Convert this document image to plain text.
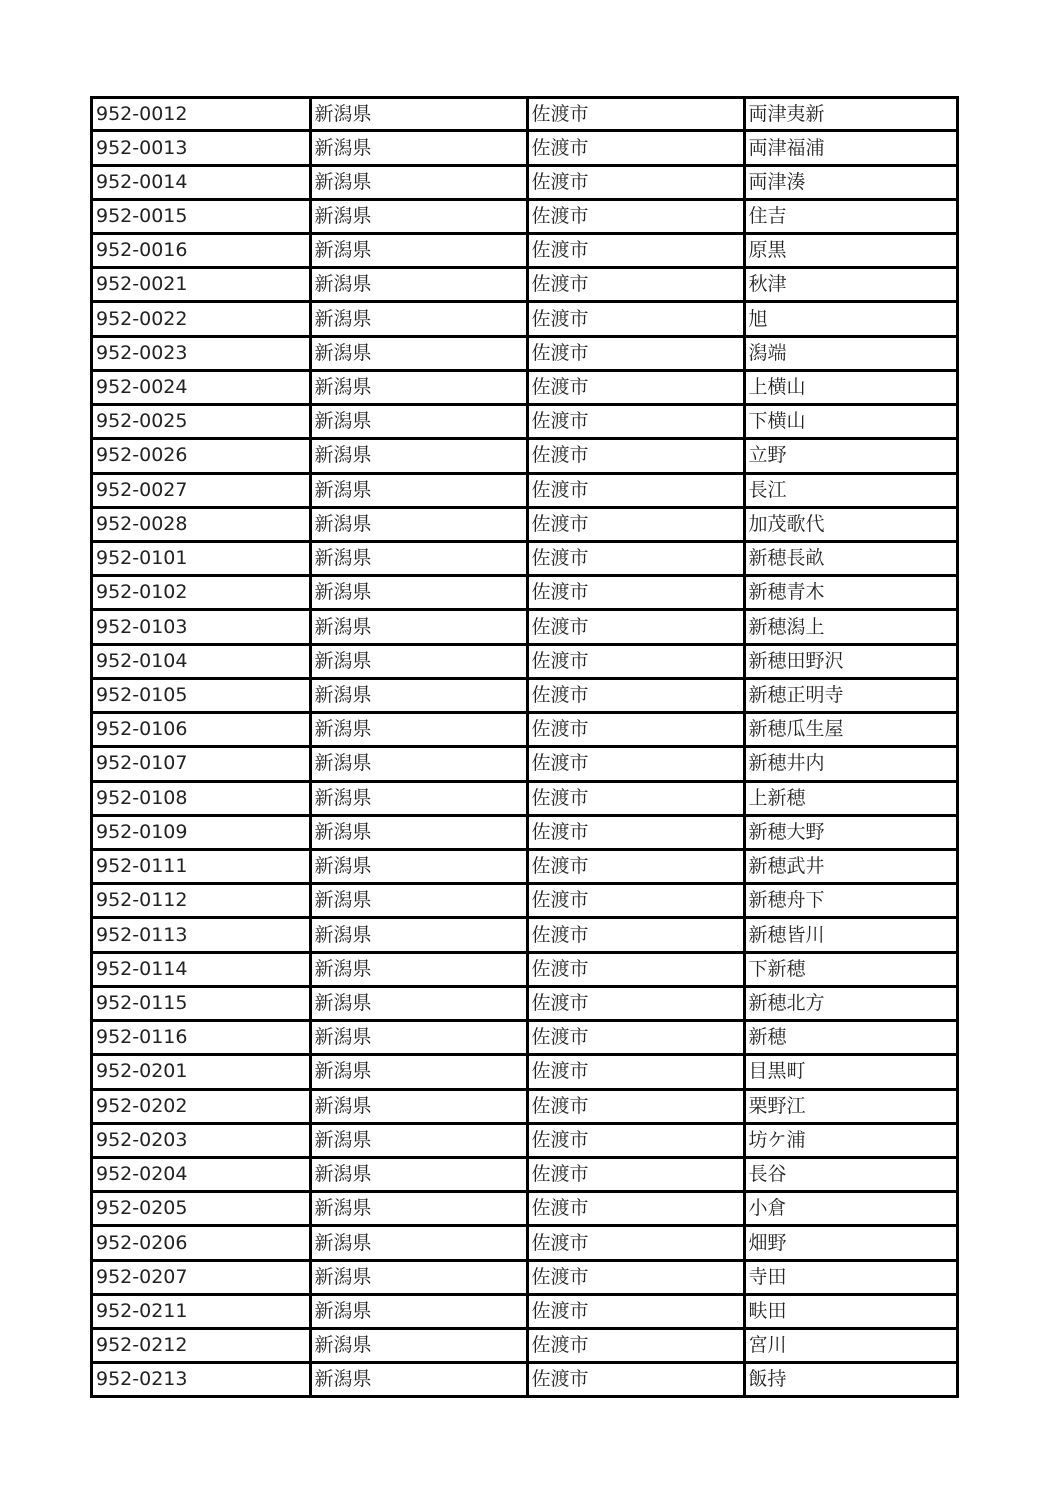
952-0012	新潟県	佐渡市	両津夷新
952-0013	新潟県	佐渡市	両津福浦
952-0014	新潟県	佐渡市	両津湊
952-0015	新潟県	佐渡市	住吉
952-0016	新潟県	佐渡市	原黒
952-0021	新潟県	佐渡市	秋津
952-0022	新潟県	佐渡市	旭
952-0023	新潟県	佐渡市	潟端
952-0024	新潟県	佐渡市	上横山
952-0025	新潟県	佐渡市	下横山
952-0026	新潟県	佐渡市	立野
952-0027	新潟県	佐渡市	長江
952-0028	新潟県	佐渡市	加茂歌代
952-0101	新潟県	佐渡市	新穂長畝
952-0102	新潟県	佐渡市	新穂青木
952-0103	新潟県	佐渡市	新穂潟上
952-0104	新潟県	佐渡市	新穂田野沢
952-0105	新潟県	佐渡市	新穂正明寺
952-0106	新潟県	佐渡市	新穂瓜生屋
952-0107	新潟県	佐渡市	新穂井内
952-0108	新潟県	佐渡市	上新穂
952-0109	新潟県	佐渡市	新穂大野
952-0111	新潟県	佐渡市	新穂武井
952-0112	新潟県	佐渡市	新穂舟下
952-0113	新潟県	佐渡市	新穂皆川
952-0114	新潟県	佐渡市	下新穂
952-0115	新潟県	佐渡市	新穂北方
952-0116	新潟県	佐渡市	新穂
952-0201	新潟県	佐渡市	目黒町
952-0202	新潟県	佐渡市	栗野江
952-0203	新潟県	佐渡市	坊ケ浦
952-0204	新潟県	佐渡市	長谷
952-0205	新潟県	佐渡市	小倉
952-0206	新潟県	佐渡市	畑野
952-0207	新潟県	佐渡市	寺田
952-0211	新潟県	佐渡市	畉田
952-0212	新潟県	佐渡市	宮川
952-0213	新潟県	佐渡市	飯持
